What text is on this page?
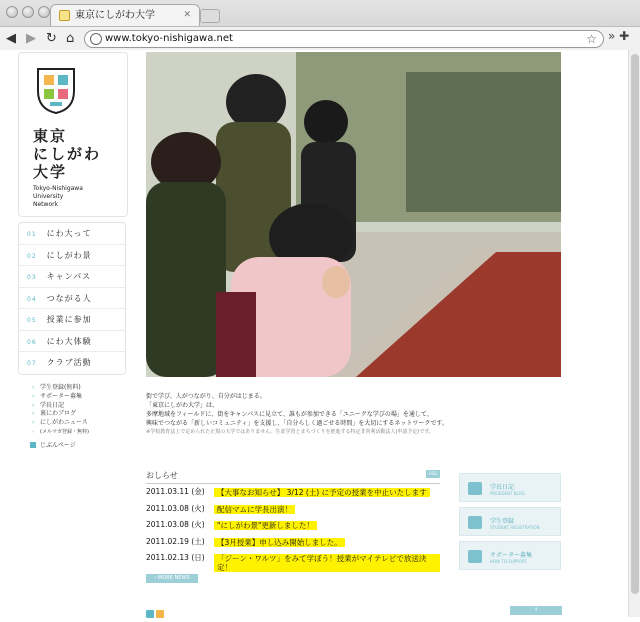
東京にしがわ大学	✕
◀ ▶ ↻ ⌂	www.tokyo-nishigawa.net	☆ » ✚
東京
にしがわ
大学
Tokyo-Nishigawa
University
Network
01 にわ大って
02 にしがわ景
03 キャンパス
04 つながる人
05 授業に参加
06 にわ大体験
07 クラブ活動
› 学生登録(無料)
› サポーター募集
› 学長日記
› 裏にわブログ
› にしがわニュース
› (メルマガ登録・無料)
じぶんページ
街で学び、人がつながり、自分がはじまる。
「東京にしがわ大学」は、
多摩地域をフィールドに、街をキャンパスに見立て、誰もが参加できる「ユニークな学びの場」を通して、
興味でつながる「新しいコミュニティ」を支援し、「自分らしく過ごせる時間」を大切にするネットワークです。
※学校教育法上で定められた正規の大学ではありません。生涯学習とまちづくりを推進する特定非営利活動法人(申請予定)です。
おしらせ	RSS
2011.03.11 (金)	【大事なお知らせ】 3/12 (土) に予定の授業を中止いたします
2011.03.08 (火)	配信マムに学長出演！
2011.03.08 (火)	"にしがわ景"更新しました！
2011.02.19 (土)	【3月授業】申し込み開始しました。
2011.02.13 (日)	「ジーン・ワルツ」をみて学ぼう！授業がマイテレビで放送決定！
› MORE NEWS
学長日記
PRESIDENT BLOG
学生登録
STUDENT REGISTRATION
サポーター募集
HOW TO SUPPORT
↑
